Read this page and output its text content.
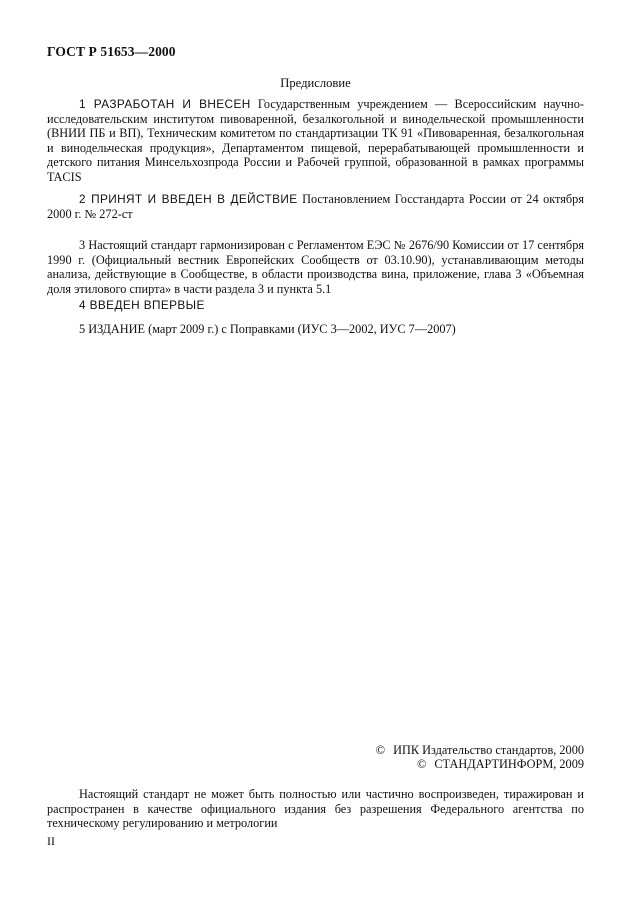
ГОСТ Р 51653—2000
Предисловие

1 РАЗРАБОТАН И ВНЕСЕН Государственным учреждением — Всероссийским научно-исследовательским институтом пивоваренной, безалкогольной и винодельческой промышленности (ВНИИ ПБ и ВП), Техническим комитетом по стандартизации ТК 91 «Пивоваренная, безалкогольная и винодельческая продукция», Департаментом пищевой, перерабатывающей промышленности и детского питания Минсельхозпрода России и Рабочей группой, образованной в рамках программы TACIS

2 ПРИНЯТ И ВВЕДЕН В ДЕЙСТВИЕ Постановлением Госстандарта России от 24 октября 2000 г. № 272-ст

3 Настоящий стандарт гармонизирован с Регламентом ЕЭС № 2676/90 Комиссии от 17 сентября 1990 г. (Официальный вестник Европейских Сообществ от 03.10.90), устанавливающим методы анализа, действующие в Сообществе, в области производства вина, приложение, глава 3 «Объемная доля этилового спирта» в части раздела 3 и пункта 5.1

4 ВВЕДЕН ВПЕРВЫЕ

5 ИЗДАНИЕ (март 2009 г.) с Поправками (ИУС 3—2002, ИУС 7—2007)

© ИПК Издательство стандартов, 2000
© СТАНДАРТИНФОРМ, 2009

Настоящий стандарт не может быть полностью или частично воспроизведен, тиражирован и распространен в качестве официального издания без разрешения Федерального агентства по техническому регулированию и метрологии

II
